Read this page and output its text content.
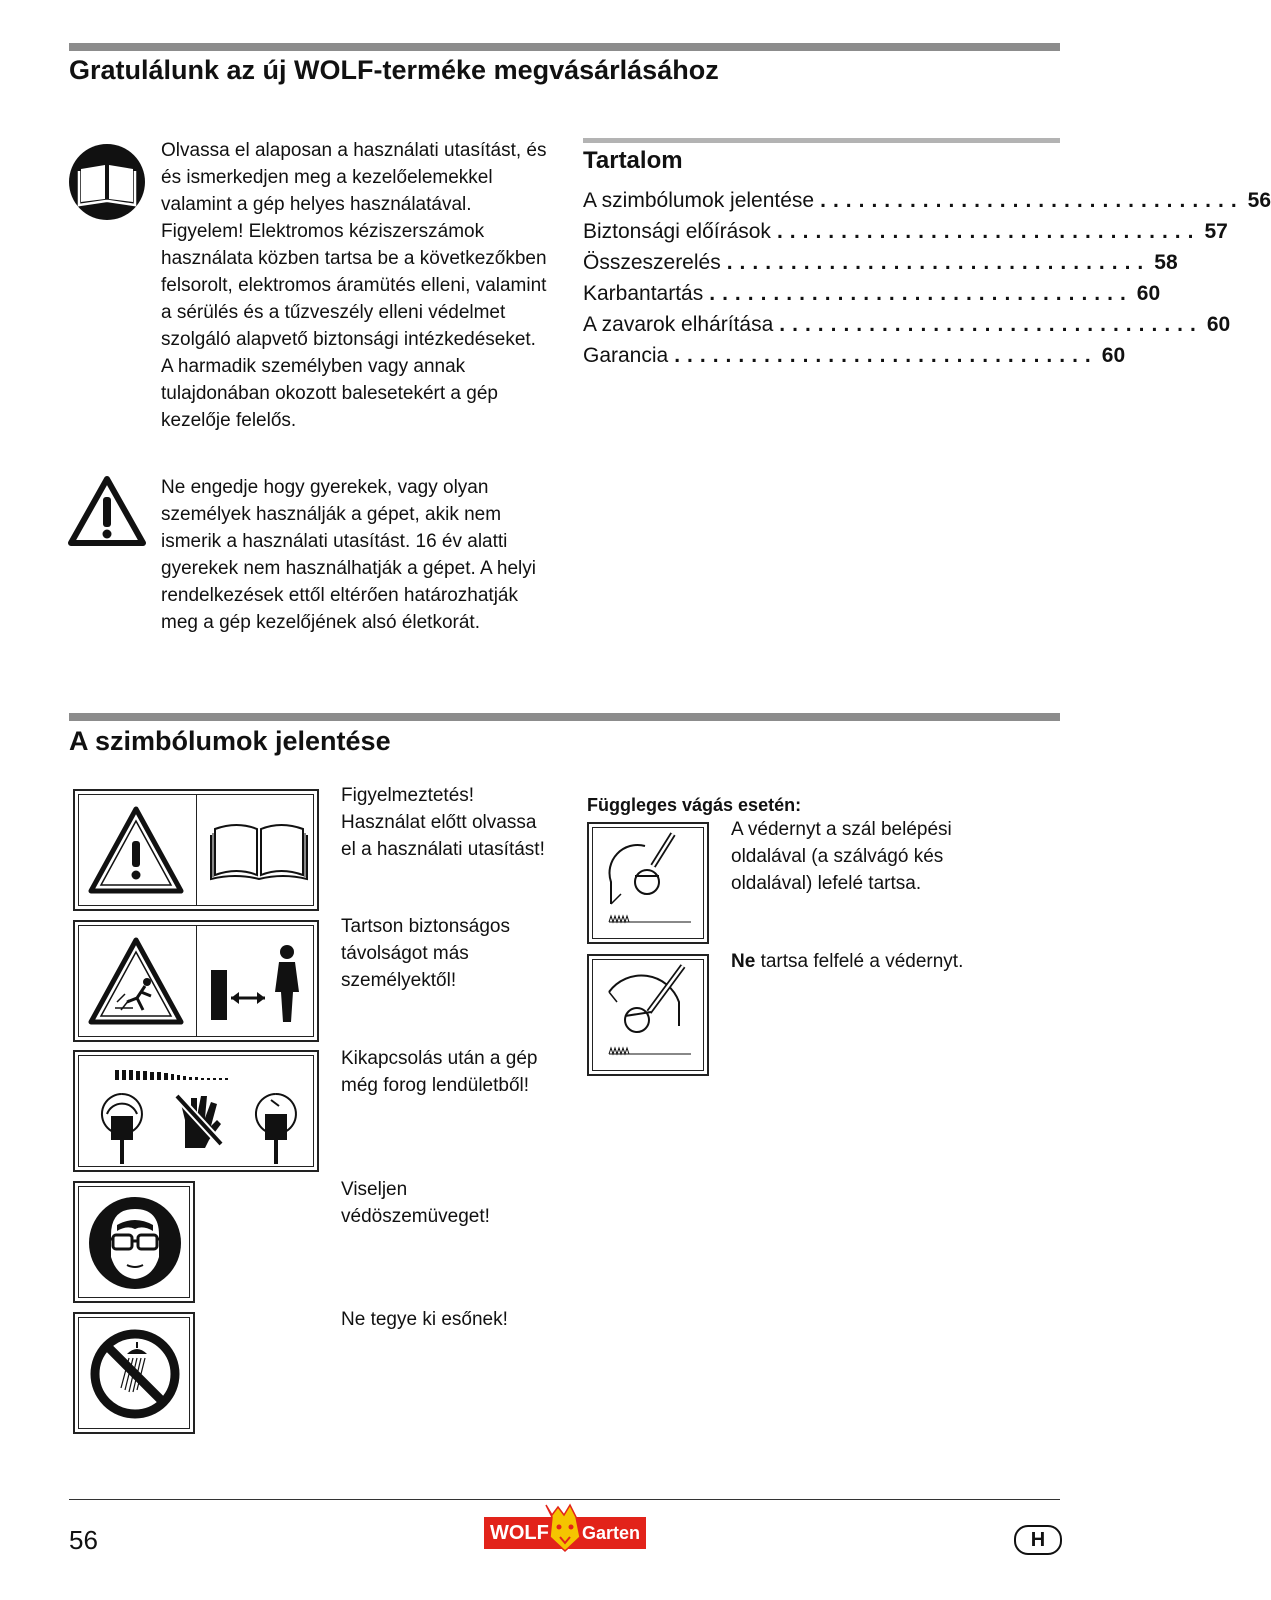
Gratulálunk az új WOLF-terméke megvásárlásához

Olvassa el alaposan a használati utasítást, és és ismerkedjen meg a kezelőelemekkel valamint a gép helyes használatával. Figyelem! Elektromos kéziszerszámok használata közben tartsa be a következőkben felsorolt, elektromos áramütés elleni, valamint a sérülés és a tűzveszély elleni védelmet szolgáló alapvető biztonsági intézkedéseket. A harmadik személyben vagy annak tulajdonában okozott balesetekért a gép kezelője felelős.

Ne engedje hogy gyerekek, vagy olyan személyek használják a gépet, akik nem ismerik a használati utasítást. 16 év alatti gyerekek nem használhatják a gépet. A helyi rendelkezések ettől eltérően határozhatják meg a gép kezelőjének alsó életkorát.

Tartalom
A szimbólumok jelentése ................................. 56
Biztonsági előírások ................................. 57
Összeszerelés ................................. 58
Karbantartás ................................. 60
A zavarok elhárítása ................................. 60
Garancia ................................. 60
A szimbólumok jelentése

Figyelmeztetés! Használat előtt olvassa el a használati utasítást!

Tartson biztonságos távolságot más személyektől!

Kikapcsolás után a gép még forog lendületből!

Viseljen védöszemüveget!

Ne tegye ki esőnek!

Függleges vágás esetén:

A védernyt a szál belépési oldalával (a szálvágó kés oldalával) lefelé tartsa.

Ne tartsa felfelé a védernyt.

56	WOLF Garten	H
